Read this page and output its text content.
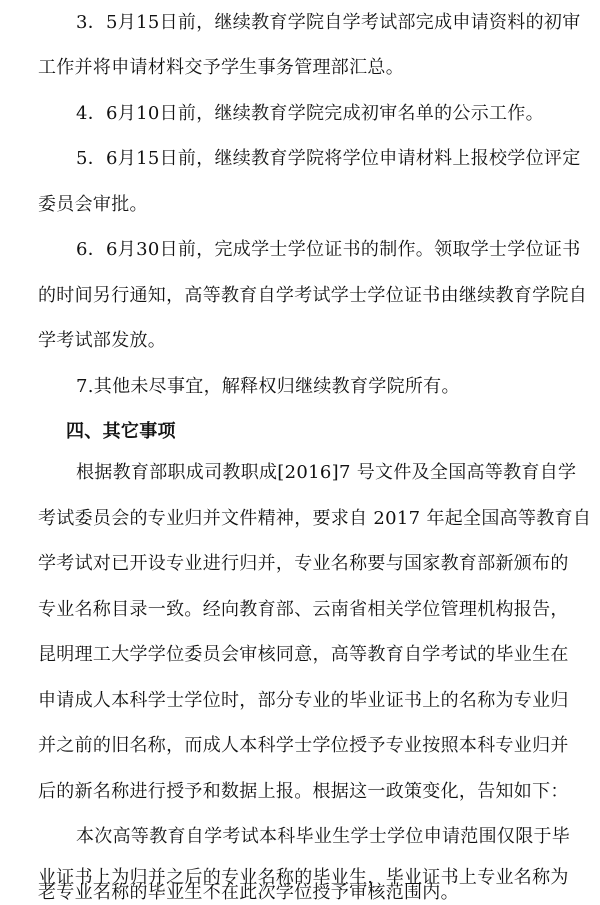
3．5月15日前，继续教育学院自学考试部完成申请资料的初审
工作并将申请材料交予学生事务管理部汇总。
4．6月10日前，继续教育学院完成初审名单的公示工作。
5．6月15日前，继续教育学院将学位申请材料上报校学位评定
委员会审批。
6．6月30日前，完成学士学位证书的制作。领取学士学位证书
的时间另行通知，高等教育自学考试学士学位证书由继续教育学院自
学考试部发放。
7.其他未尽事宜，解释权归继续教育学院所有。
四、其它事项
根据教育部职成司教职成[2016]7 号文件及全国高等教育自学
考试委员会的专业归并文件精神，要求自 2017 年起全国高等教育自
学考试对已开设专业进行归并，专业名称要与国家教育部新颁布的
专业名称目录一致。经向教育部、云南省相关学位管理机构报告，
昆明理工大学学位委员会审核同意，高等教育自学考试的毕业生在
申请成人本科学士学位时，部分专业的毕业证书上的名称为专业归
并之前的旧名称，而成人本科学士学位授予专业按照本科专业归并
后的新名称进行授予和数据上报。根据这一政策变化，告知如下：
本次高等教育自学考试本科毕业生学士学位申请范围仅限于毕
业证书上为归并之后的专业名称的毕业生，毕业证书上专业名称为
老专业名称的毕业生不在此次学位授予审核范围内。
